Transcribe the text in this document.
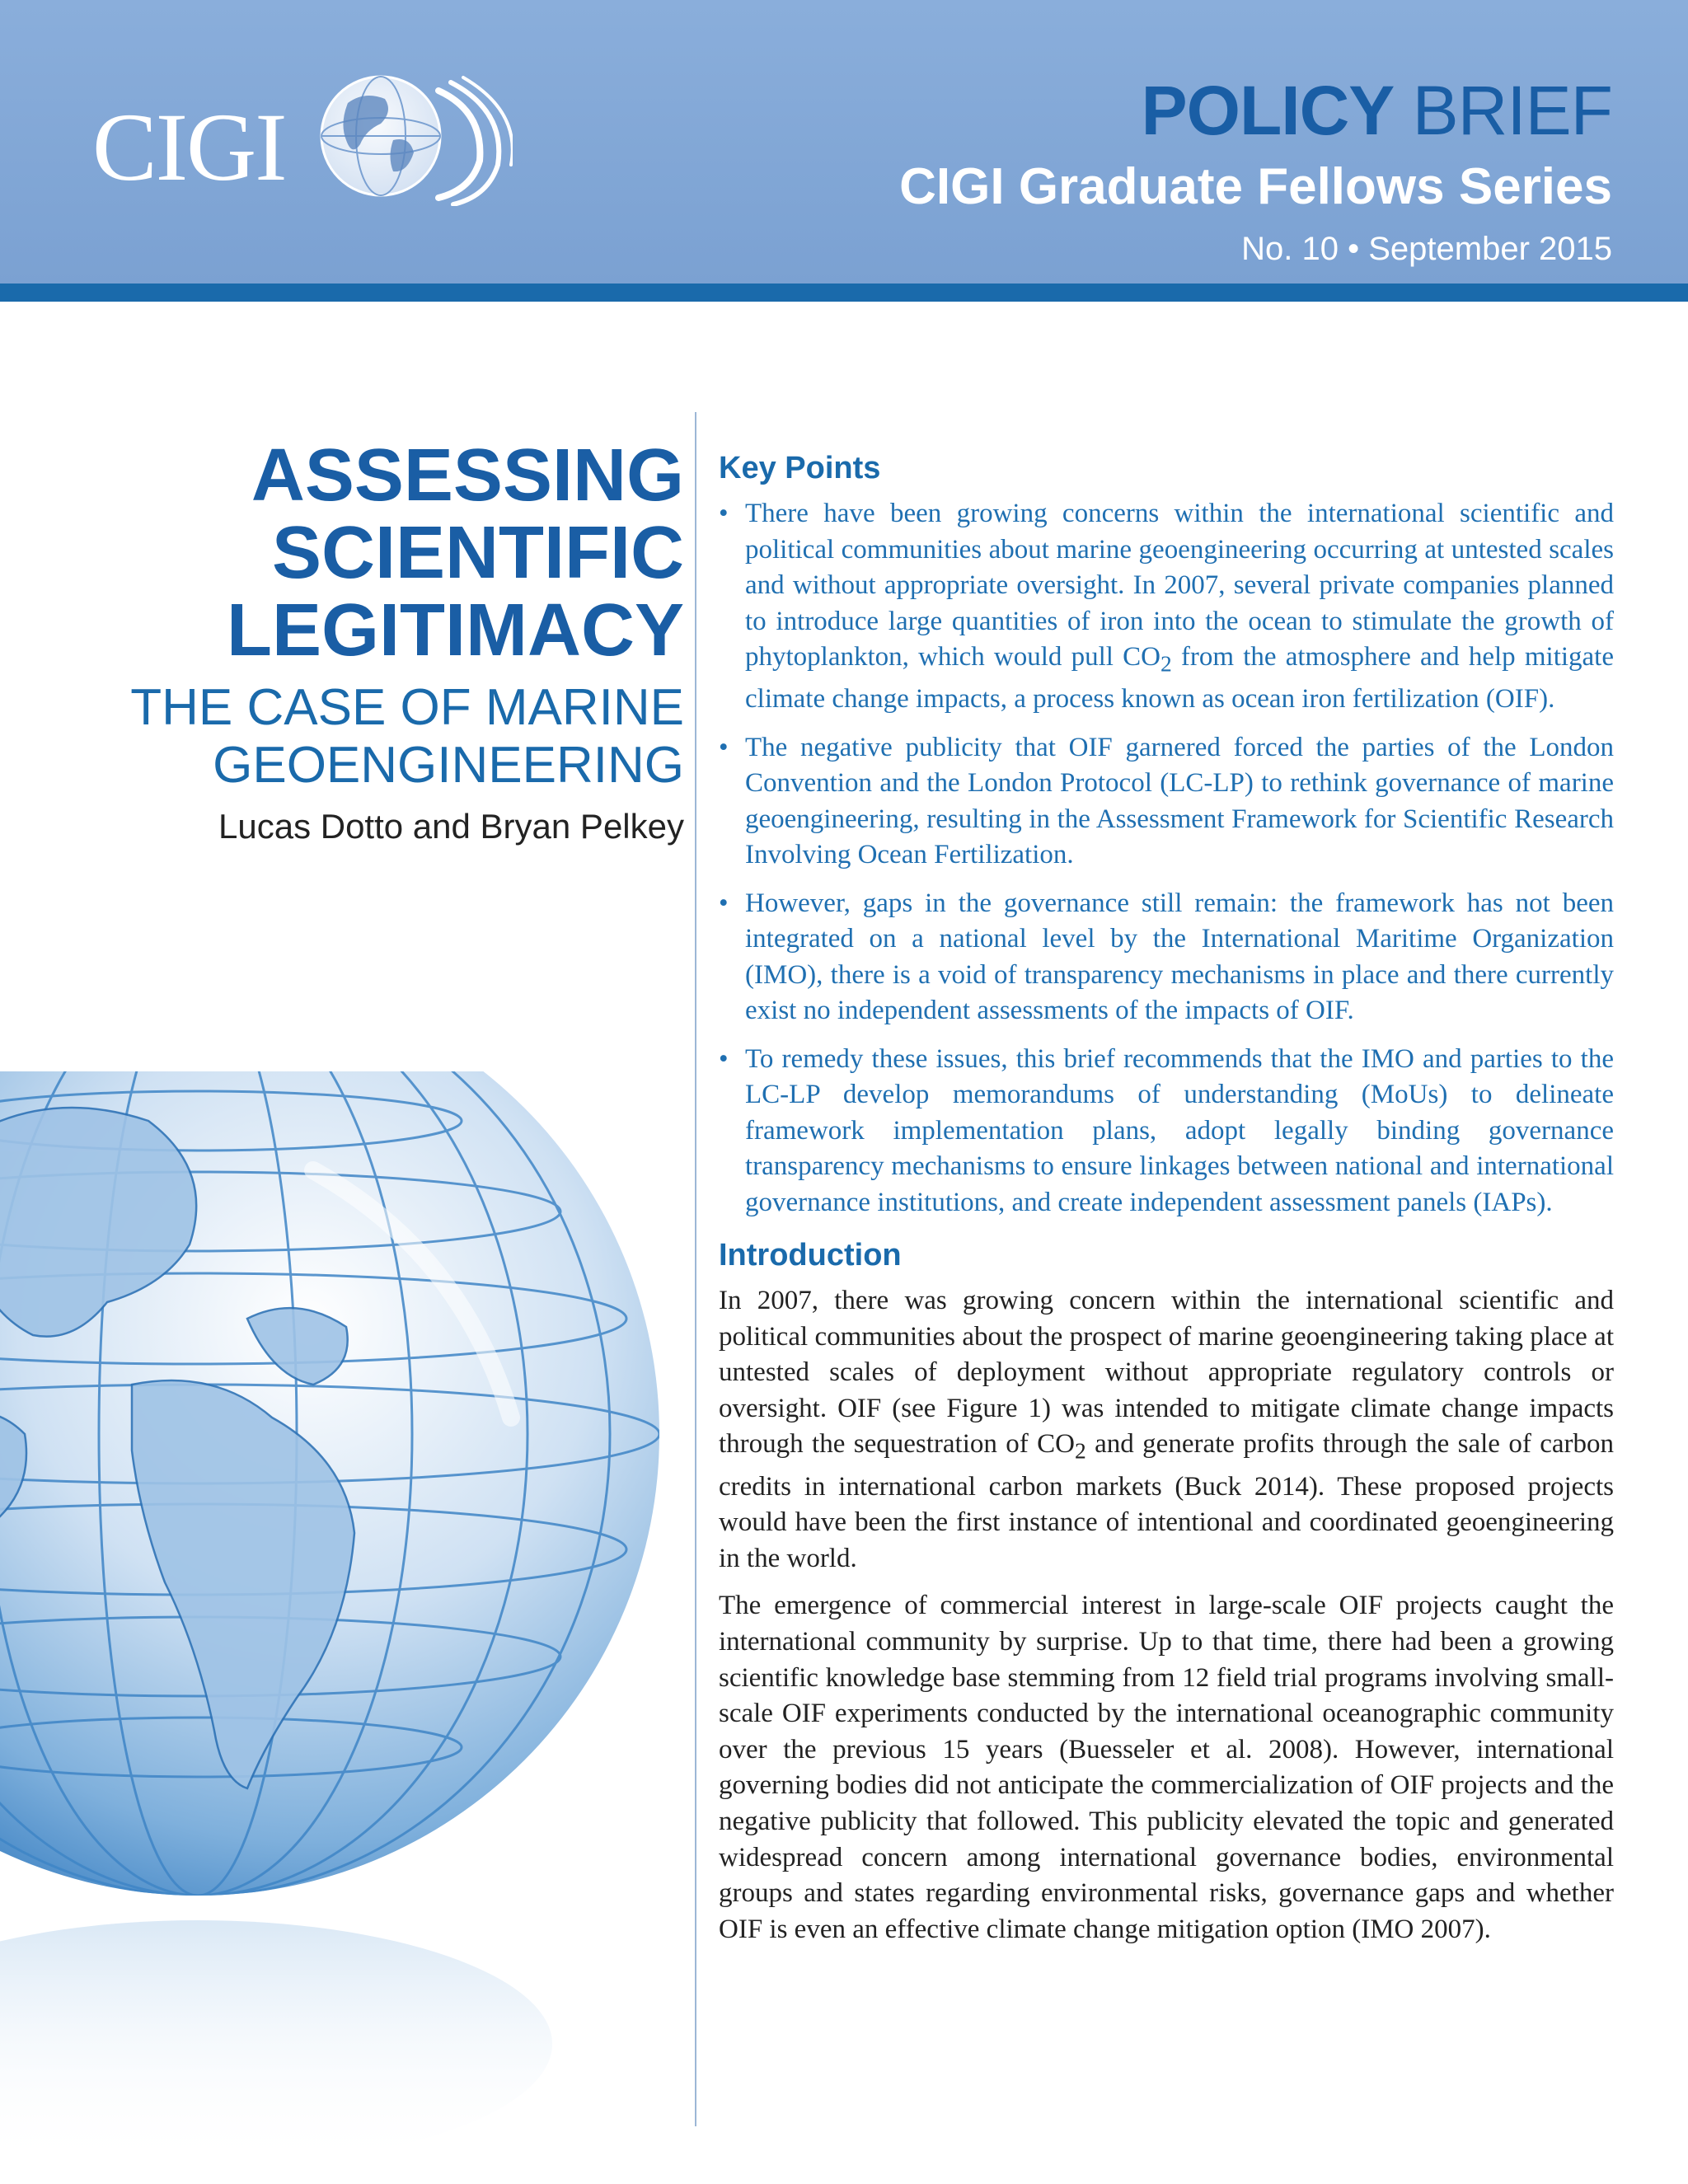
CIGI	POLICY BRIEF
CIGI Graduate Fellows Series
No. 10 • September 2015
ASSESSING
SCIENTIFIC
LEGITIMACY
THE CASE OF MARINE
GEOENGINEERING
Lucas Dotto and Bryan Pelkey
Key Points
• There have been growing concerns within the international scientific and political communities about marine geoengineering occurring at untested scales and without appropriate oversight. In 2007, several private companies planned to introduce large quantities of iron into the ocean to stimulate the growth of phytoplankton, which would pull $CO_2$ from the atmosphere and help mitigate climate change impacts, a process known as ocean iron fertilization (OIF).
• The negative publicity that OIF garnered forced the parties of the London Convention and the London Protocol (LC-LP) to rethink governance of marine geoengineering, resulting in the Assessment Framework for Scientific Research Involving Ocean Fertilization.
• However, gaps in the governance still remain: the framework has not been integrated on a national level by the International Maritime Organization (IMO), there is a void of transparency mechanisms in place and there currently exist no independent assessments of the impacts of OIF.
• To remedy these issues, this brief recommends that the IMO and parties to the LC-LP develop memorandums of understanding (MoUs) to delineate framework implementation plans, adopt legally binding governance transparency mechanisms to ensure linkages between national and international governance institutions, and create independent assessment panels (IAPs).
Introduction

In 2007, there was growing concern within the international scientific and political communities about the prospect of marine geoengineering taking place at untested scales of deployment without appropriate regulatory controls or oversight. OIF (see Figure 1) was intended to mitigate climate change impacts through the sequestration of $CO_2$ and generate profits through the sale of carbon credits in international carbon markets (Buck 2014). These proposed projects would have been the first instance of intentional and coordinated geoengineering in the world.

The emergence of commercial interest in large-scale OIF projects caught the international community by surprise. Up to that time, there had been a growing scientific knowledge base stemming from 12 field trial programs involving small-scale OIF experiments conducted by the international oceanographic community over the previous 15 years (Buesseler et al. 2008). However, international governing bodies did not anticipate the commercialization of OIF projects and the negative publicity that followed. This publicity elevated the topic and generated widespread concern among international governance bodies, environmental groups and states regarding environmental risks, governance gaps and whether OIF is even an effective climate change mitigation option (IMO 2007).
